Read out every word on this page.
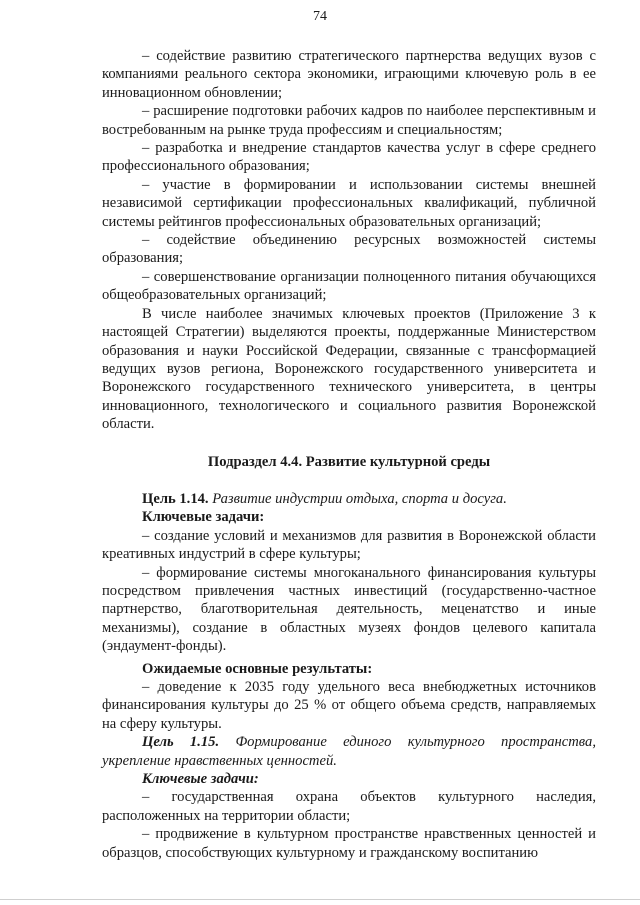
74

– содействие развитию стратегического партнерства ведущих вузов с компаниями реального сектора экономики, играющими ключевую роль в ее инновационном обновлении;

– расширение подготовки рабочих кадров по наиболее перспективным и востребованным на рынке труда профессиям и специальностям;

– разработка и внедрение стандартов качества услуг в сфере среднего профессионального образования;

– участие в формировании и использовании системы внешней независимой сертификации профессиональных квалификаций, публичной системы рейтингов профессиональных образовательных организаций;

– содействие объединению ресурсных возможностей системы образования;

– совершенствование организации полноценного питания обучающихся общеобразовательных организаций;

В числе наиболее значимых ключевых проектов (Приложение 3 к настоящей Стратегии) выделяются проекты, поддержанные Министерством образования и науки Российской Федерации, связанные с трансформацией ведущих вузов региона, Воронежского государственного университета и Воронежского государственного технического университета, в центры инновационного, технологического и социального развития Воронежской области.

Подраздел 4.4. Развитие культурной среды

Цель 1.14. Развитие индустрии отдыха, спорта и досуга.

Ключевые задачи:

– создание условий и механизмов для развития в Воронежской области креативных индустрий в сфере культуры;

– формирование системы многоканального финансирования культуры посредством привлечения частных инвестиций (государственно-частное партнерство, благотворительная деятельность, меценатство и иные механизмы), создание в областных музеях фондов целевого капитала (эндаумент-фонды).

Ожидаемые основные результаты:

– доведение к 2035 году удельного веса внебюджетных источников финансирования культуры до 25 % от общего объема средств, направляемых на сферу культуры.

Цель 1.15. Формирование единого культурного пространства, укрепление нравственных ценностей.

Ключевые задачи:

– государственная охрана объектов культурного наследия, расположенных на территории области;

– продвижение в культурном пространстве нравственных ценностей и образцов, способствующих культурному и гражданскому воспитанию
